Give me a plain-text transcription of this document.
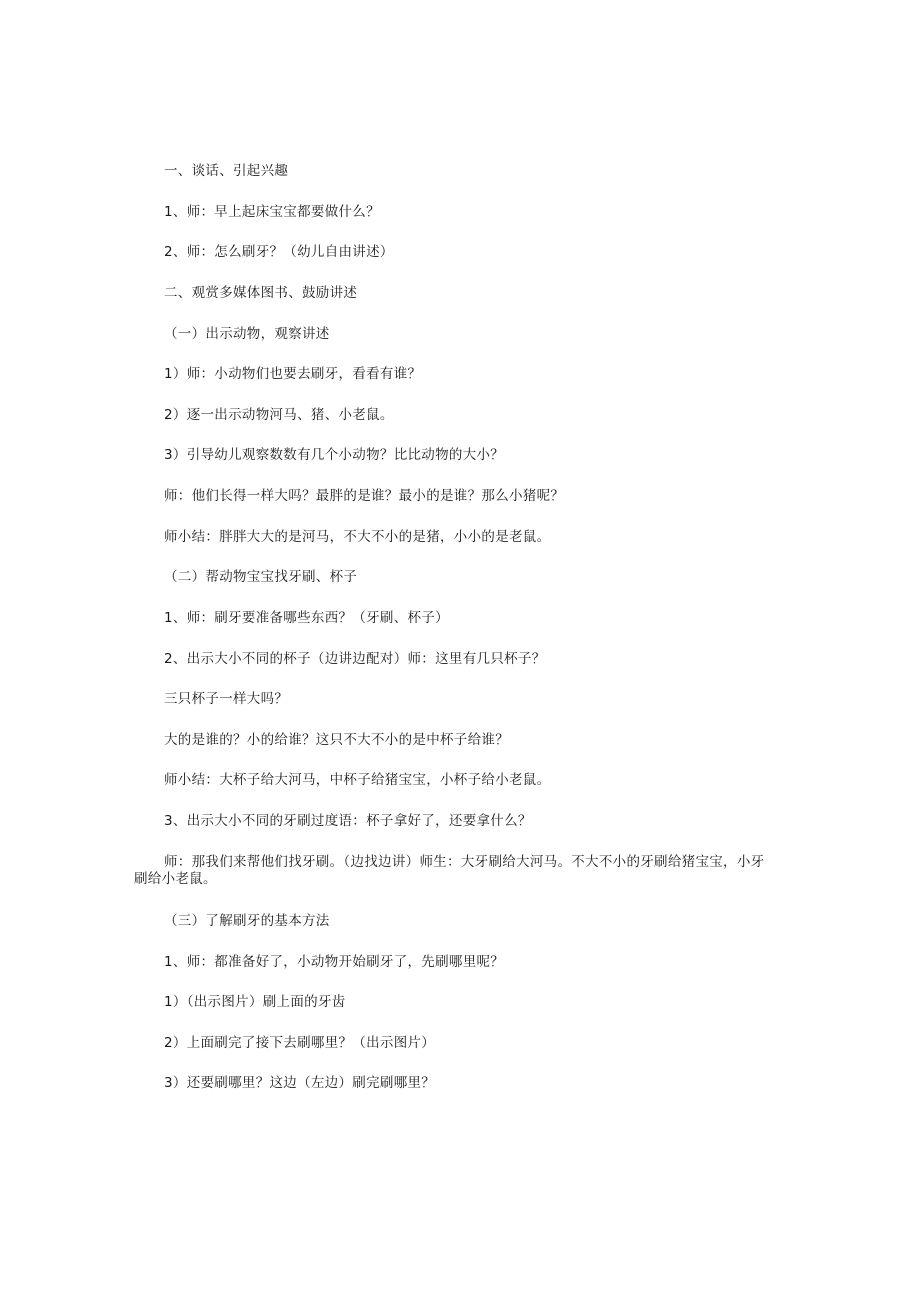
一、谈话、引起兴趣
1、师：早上起床宝宝都要做什么？
2、师：怎么刷牙？（幼儿自由讲述）
二、观赏多媒体图书、鼓励讲述
（一）出示动物，观察讲述
1）师：小动物们也要去刷牙，看看有谁？
2）逐一出示动物河马、猪、小老鼠。
3）引导幼儿观察数数有几个小动物？比比动物的大小？
师：他们长得一样大吗？最胖的是谁？最小的是谁？那么小猪呢？
师小结：胖胖大大的是河马，不大不小的是猪，小小的是老鼠。
（二）帮动物宝宝找牙刷、杯子
1、师：刷牙要准备哪些东西？（牙刷、杯子）
2、出示大小不同的杯子（边讲边配对）师：这里有几只杯子？
三只杯子一样大吗？
大的是谁的？小的给谁？这只不大不小的是中杯子给谁？
师小结：大杯子给大河马，中杯子给猪宝宝，小杯子给小老鼠。
3、出示大小不同的牙刷过度语：杯子拿好了，还要拿什么？
师：那我们来帮他们找牙刷。（边找边讲）师生：大牙刷给大河马。不大不小的牙刷给猪宝宝，小牙刷给小老鼠。
（三）了解刷牙的基本方法
1、师：都准备好了，小动物开始刷牙了，先刷哪里呢？
1）（出示图片）刷上面的牙齿
2）上面刷完了接下去刷哪里？（出示图片）
3）还要刷哪里？这边（左边）刷完刷哪里？
